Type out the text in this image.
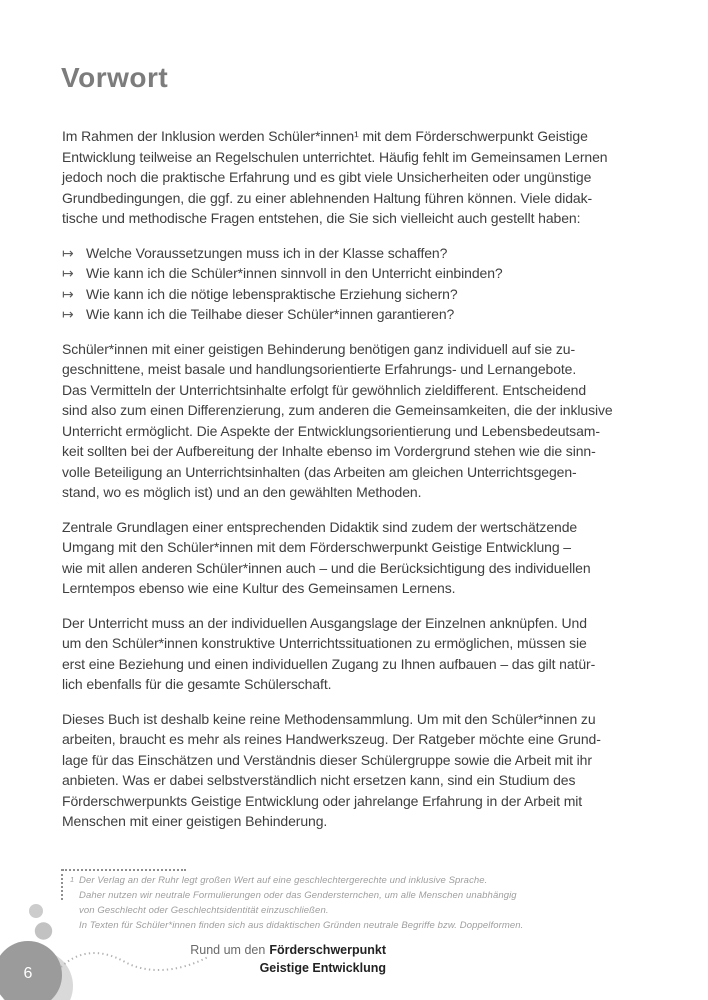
Vorwort
Im Rahmen der Inklusion werden Schüler*innen¹ mit dem Förderschwerpunkt Geistige
Entwicklung teilweise an Regelschulen unterrichtet. Häufig fehlt im Gemeinsamen Lernen
jedoch noch die praktische Erfahrung und es gibt viele Unsicherheiten oder ungünstige
Grundbedingungen, die ggf. zu einer ablehnenden Haltung führen können. Viele didak-
tische und methodische Fragen entstehen, die Sie sich vielleicht auch gestellt haben:
↦ Welche Voraussetzungen muss ich in der Klasse schaffen?
↦ Wie kann ich die Schüler*innen sinnvoll in den Unterricht einbinden?
↦ Wie kann ich die nötige lebenspraktische Erziehung sichern?
↦ Wie kann ich die Teilhabe dieser Schüler*innen garantieren?
Schüler*innen mit einer geistigen Behinderung benötigen ganz individuell auf sie zu-
geschnittene, meist basale und handlungsorientierte Erfahrungs- und Lernangebote.
Das Vermitteln der Unterrichtsinhalte erfolgt für gewöhnlich zieldifferent. Entscheidend
sind also zum einen Differenzierung, zum anderen die Gemeinsamkeiten, die der inklusive
Unterricht ermöglicht. Die Aspekte der Entwicklungsorientierung und Lebensbedeutsam-
keit sollten bei der Aufbereitung der Inhalte ebenso im Vordergrund stehen wie die sinn-
volle Beteiligung an Unterrichtsinhalten (das Arbeiten am gleichen Unterrichtsgegen-
stand, wo es möglich ist) und an den gewählten Methoden.
Zentrale Grundlagen einer entsprechenden Didaktik sind zudem der wertschätzende
Umgang mit den Schüler*innen mit dem Förderschwerpunkt Geistige Entwicklung –
wie mit allen anderen Schüler*innen auch – und die Berücksichtigung des individuellen
Lerntempos ebenso wie eine Kultur des Gemeinsamen Lernens.
Der Unterricht muss an der individuellen Ausgangslage der Einzelnen anknüpfen. Und
um den Schüler*innen konstruktive Unterrichtssituationen zu ermöglichen, müssen sie
erst eine Beziehung und einen individuellen Zugang zu Ihnen aufbauen – das gilt natür-
lich ebenfalls für die gesamte Schülerschaft.
Dieses Buch ist deshalb keine reine Methodensammlung. Um mit den Schüler*innen zu
arbeiten, braucht es mehr als reines Handwerkszeug. Der Ratgeber möchte eine Grund-
lage für das Einschätzen und Verständnis dieser Schülergruppe sowie die Arbeit mit ihr
anbieten. Was er dabei selbstverständlich nicht ersetzen kann, sind ein Studium des
Förderschwerpunkts Geistige Entwicklung oder jahrelange Erfahrung in der Arbeit mit
Menschen mit einer geistigen Behinderung.
1 Der Verlag an der Ruhr legt großen Wert auf eine geschlechtergerechte und inklusive Sprache.
Daher nutzen wir neutrale Formulierungen oder das Gendersternchen, um alle Menschen unabhängig
von Geschlecht oder Geschlechtsidentität einzuschließen.
In Texten für Schüler*innen finden sich aus didaktischen Gründen neutrale Begriffe bzw. Doppelformen.
Rund um den Förderschwerpunkt
Geistige Entwicklung
6
